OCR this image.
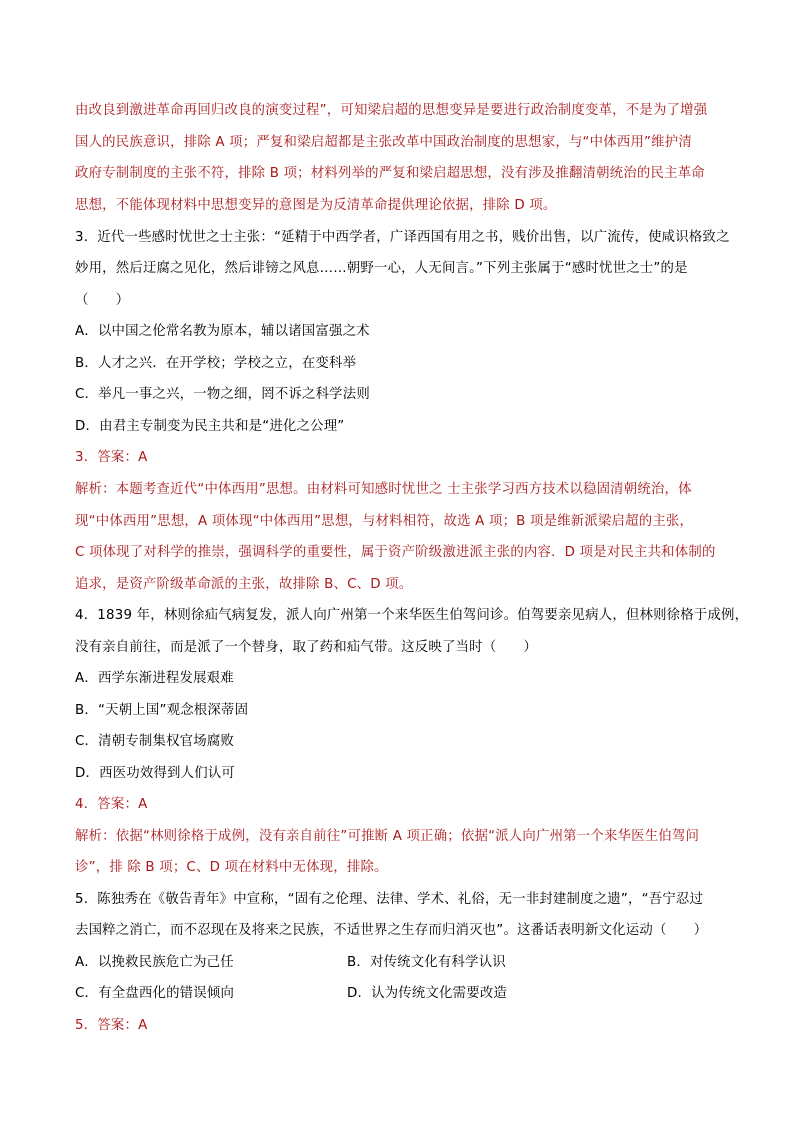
由改良到激进革命再回归改良的演变过程”，可知梁启超的思想变异是要进行政治制度变革，不是为了增强
国人的民族意识，排除 A 项；严复和梁启超都是主张改革中国政治制度的思想家，与“中体西用”维护清
政府专制制度的主张不符，排除 B 项；材料列举的严复和梁启超思想，没有涉及推翻清朝统治的民主革命
思想，不能体现材料中思想变异的意图是为反清革命提供理论依据，排除 D 项。
3．近代一些感时忧世之士主张：“延精于中西学者，广译西国有用之书，贱价出售，以广流传，使咸识格致之
妙用，然后迂腐之见化，然后诽镑之风息……朝野一心，人无间言。”下列主张属于“感时忧世之士”的是
（　　）
A．以中国之伦常名教为原本，辅以诸国富强之术
B．人才之兴．在开学校；学校之立，在变科举
C．举凡一事之兴，一物之细，罔不诉之科学法则
D．由君主专制变为民主共和是“进化之公理”
3．答案：A
解析：本题考查近代“中体西用”思想。由材料可知感时忧世之 士主张学习西方技术以稳固清朝统治，体
现“中体西用”思想，A 项体现“中体西用”思想，与材料相符，故选 A 项；B 项是维新派梁启超的主张，
C 项体现了对科学的推崇，强调科学的重要性，属于资产阶级激进派主张的内容．D 项是对民主共和体制的
追求，是资产阶级革命派的主张，故排除 B、C、D 项。
4．1839 年，林则徐疝气病复发，派人向广州第一个来华医生伯驾问诊。伯驾要亲见病人，但林则徐格于成例，
没有亲自前往，而是派了一个替身，取了药和疝气带。这反映了当时（　　）
A．西学东渐进程发展艰难
B．“天朝上国”观念根深蒂固
C．清朝专制集权官场腐败
D．西医功效得到人们认可
4．答案：A
解析：依据“林则徐格于成例，没有亲自前往”可推断 A 项正确；依据“派人向广州第一个来华医生伯驾问
诊”，排 除 B 项；C、D 项在材料中无体现，排除。
5．陈独秀在《敬告青年》中宣称，“固有之伦理、法律、学术、礼俗，无一非封建制度之遗”，“吾宁忍过
去国粹之消亡，而不忍现在及将来之民族，不适世界之生存而归消灭也”。这番话表明新文化运动（　　）
A．以挽救民族危亡为己任	B．对传统文化有科学认识
C．有全盘西化的错误倾向	D．认为传统文化需要改造
5．答案：A
